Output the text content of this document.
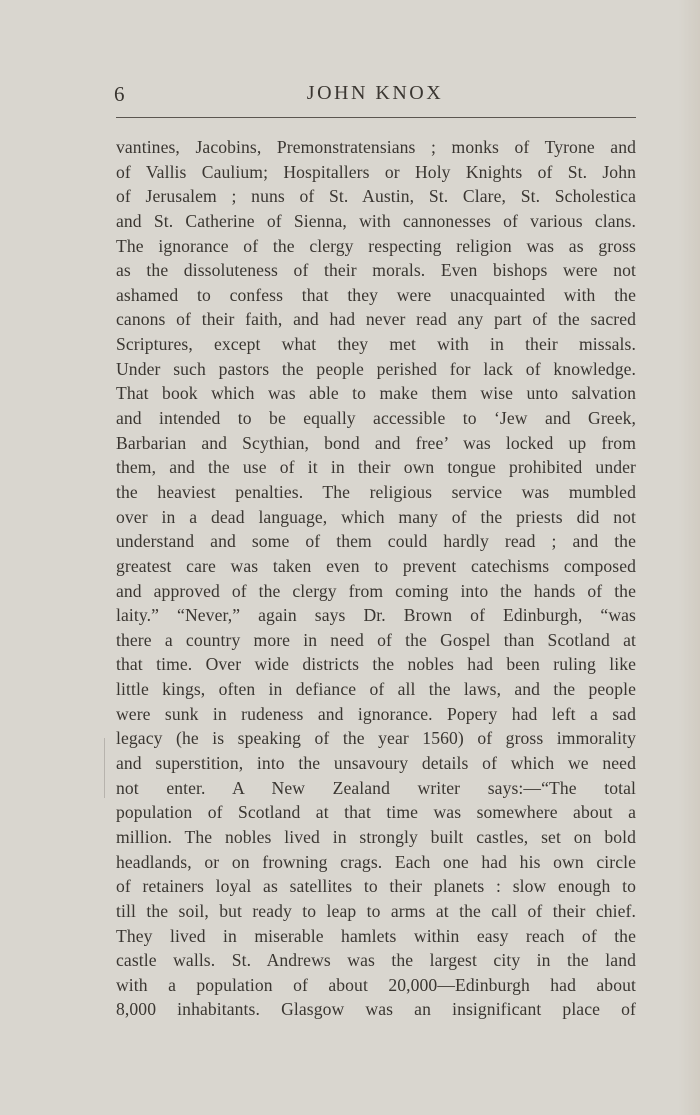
6	JOHN KNOX
vantines, Jacobins, Premonstratensians ; monks of Tyrone and
of Vallis Caulium; Hospitallers or Holy Knights of St. John
of Jerusalem ; nuns of St. Austin, St. Clare, St. Scholestica
and St. Catherine of Sienna, with cannonesses of various clans.
The ignorance of the clergy respecting religion was as gross
as the dissoluteness of their morals. Even bishops were not
ashamed to confess that they were unacquainted with the
canons of their faith, and had never read any part of the sacred
Scriptures, except what they met with in their missals.
Under such pastors the people perished for lack of knowledge.
That book which was able to make them wise unto salvation
and intended to be equally accessible to ‘Jew and Greek,
Barbarian and Scythian, bond and free’ was locked up from
them, and the use of it in their own tongue prohibited under
the heaviest penalties. The religious service was mumbled
over in a dead language, which many of the priests did not
understand and some of them could hardly read ; and the
greatest care was taken even to prevent catechisms composed
and approved of the clergy from coming into the hands of the
laity.” “Never,” again says Dr. Brown of Edinburgh, “was
there a country more in need of the Gospel than Scotland at
that time. Over wide districts the nobles had been ruling like
little kings, often in defiance of all the laws, and the people
were sunk in rudeness and ignorance. Popery had left a sad
legacy (he is speaking of the year 1560) of gross immorality
and superstition, into the unsavoury details of which we need
not enter. A New Zealand writer says:—“The total
population of Scotland at that time was somewhere about a
million. The nobles lived in strongly built castles, set on bold
headlands, or on frowning crags. Each one had his own circle
of retainers loyal as satellites to their planets : slow enough to
till the soil, but ready to leap to arms at the call of their chief.
They lived in miserable hamlets within easy reach of the
castle walls. St. Andrews was the largest city in the land
with a population of about 20,000—Edinburgh had about
8,000 inhabitants. Glasgow was an insignificant place of
